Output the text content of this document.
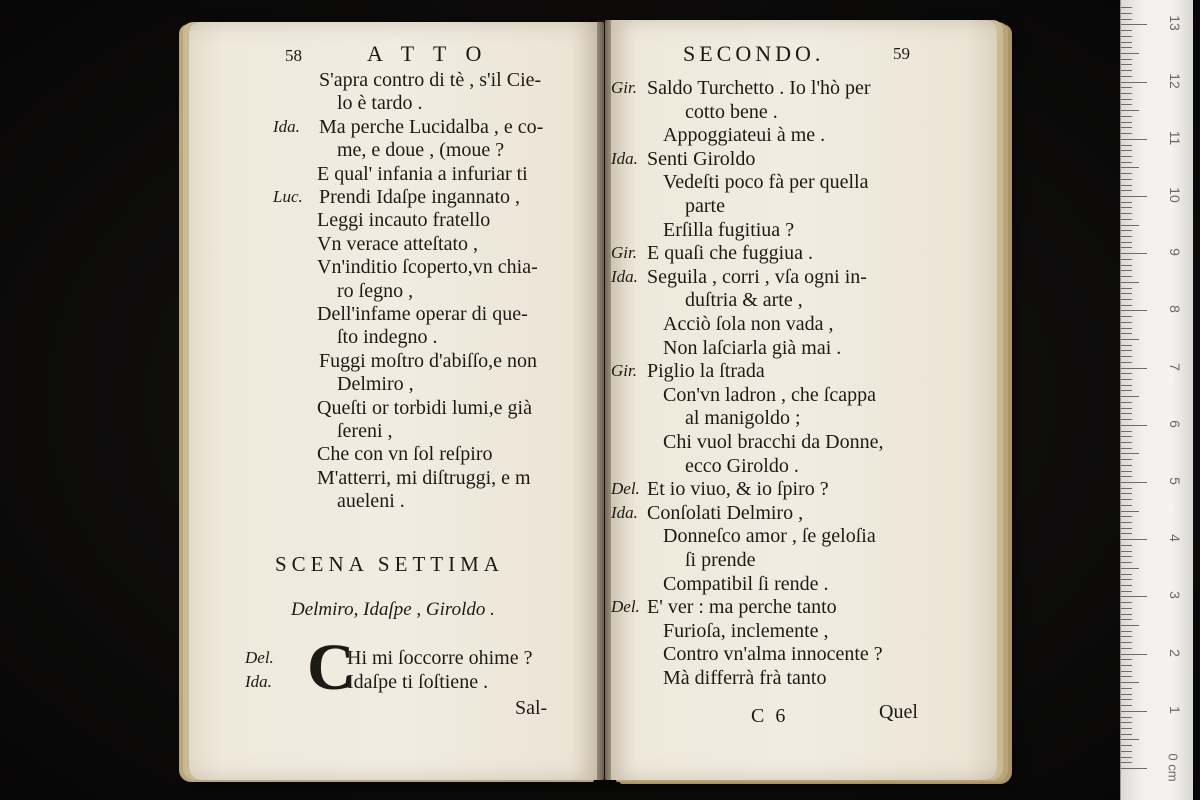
58	A T T O
S'apra contro di tè , s'il Cie-
lo è tardo .
Ida. Ma perche Lucidalba , e co-
me, e doue , (moue ?
E qual' infania a infuriar ti
Luc. Prendi Idaſpe ingannato ,
Leggi incauto fratello
Vn verace atteſtato ,
Vn'inditio ſcoperto,vn chia-
ro ſegno ,
Dell'infame operar di que-
ſto indegno .
Fuggi moſtro d'abiſſo,e non
Delmiro ,
Queſti or torbidi lumi,e già
ſereni ,
Che con vn ſol reſpiro
M'atterri, mi diſtruggi, e m
aueleni .
SCENA SETTIMA
Delmiro, Idaſpe , Giroldo .
C
Del.	Hi mi ſoccorre ohime ?
Ida.	Idaſpe ti ſoſtiene .
Sal-
SECONDO.	59
Gir. Saldo Turchetto . Io l'hò per
cotto bene .
Appoggiateui à me .
Ida. Senti Giroldo
Vedeſti poco fà per quella
parte
Erſilla fugitiua ?
Gir. E quaſi che fuggiua .
Ida. Seguila , corri , vſa ogni in-
duſtria & arte ,
Acciò ſola non vada ,
Non laſciarla già mai .
Gir. Piglio la ſtrada
Con'vn ladron , che ſcappa
al manigoldo ;
Chi vuol bracchi da Donne,
ecco Giroldo .
Del. Et io viuo, & io ſpiro ?
Ida. Conſolati Delmiro ,
Donneſco amor , ſe geloſia
ſi prende
Compatibil ſi rende .
Del. E' ver : ma perche tanto
Furioſa, inclemente ,
Contro vn'alma innocente ?
Mà differrà frà tanto
C 6	Quel
0 cm
1
2
3
4
5
6
7
8
9
10
11
12
13
